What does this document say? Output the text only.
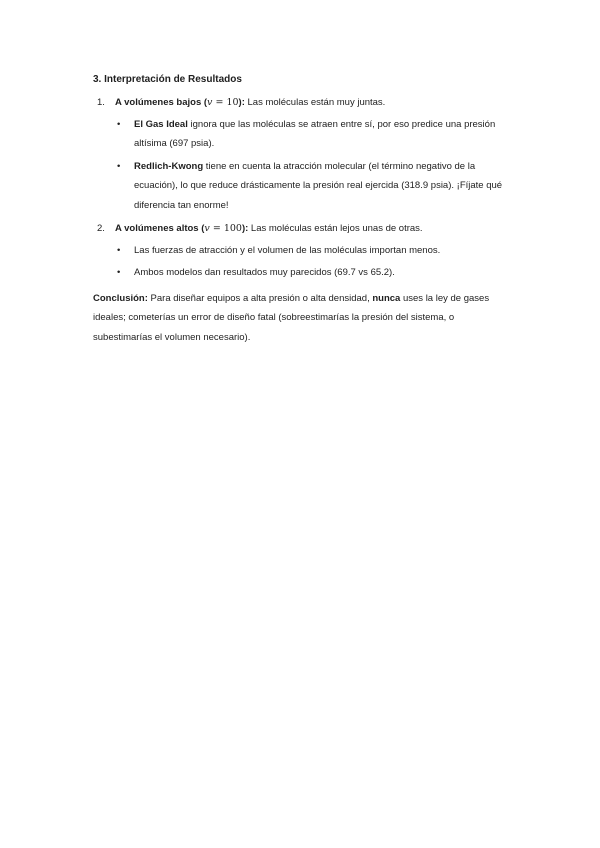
3. Interpretación de Resultados
1. A volúmenes bajos (v = 10): Las moléculas están muy juntas.
• El Gas Ideal ignora que las moléculas se atraen entre sí, por eso predice una presión altísima (697 psia).
• Redlich-Kwong tiene en cuenta la atracción molecular (el término negativo de la ecuación), lo que reduce drásticamente la presión real ejercida (318.9 psia). ¡Fíjate qué diferencia tan enorme!
2. A volúmenes altos (v = 100): Las moléculas están lejos unas de otras.
• Las fuerzas de atracción y el volumen de las moléculas importan menos.
• Ambos modelos dan resultados muy parecidos (69.7 vs 65.2).

Conclusión: Para diseñar equipos a alta presión o alta densidad, nunca uses la ley de gases ideales; cometerías un error de diseño fatal (sobreestimarías la presión del sistema, o subestimarías el volumen necesario).
